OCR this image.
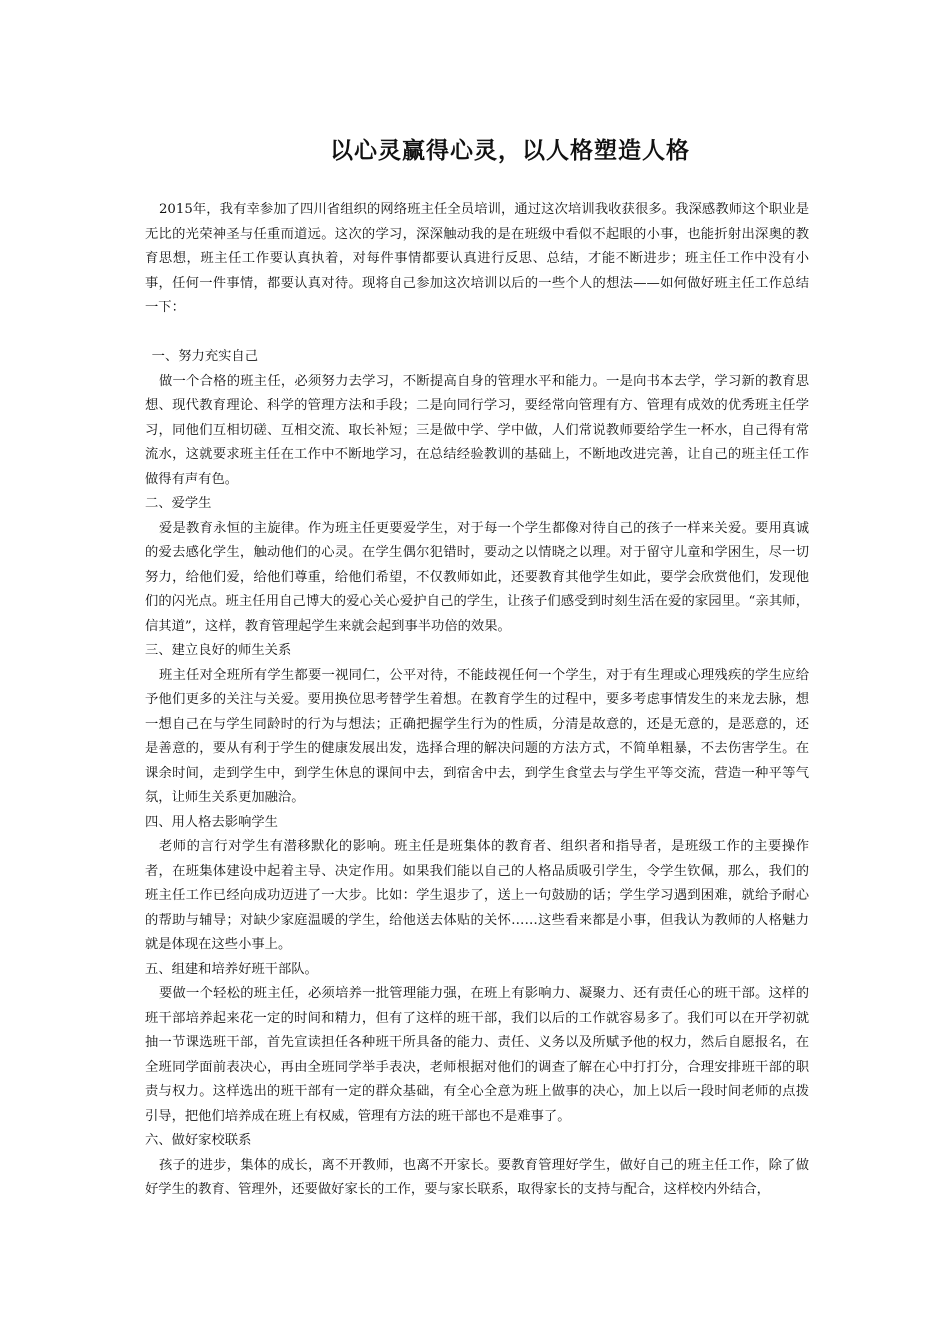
以心灵赢得心灵，以人格塑造人格

2015年，我有幸参加了四川省组织的网络班主任全员培训，通过这次培训我收获很多。我深感教师这个职业是无比的光荣神圣与任重而道远。这次的学习，深深触动我的是在班级中看似不起眼的小事，也能折射出深奥的教育思想，班主任工作要认真执着，对每件事情都要认真进行反思、总结，才能不断进步；班主任工作中没有小事，任何一件事情，都要认真对待。现将自己参加这次培训以后的一些个人的想法——如何做好班主任工作总结一下：

一、努力充实自己

做一个合格的班主任，必须努力去学习，不断提高自身的管理水平和能力。一是向书本去学，学习新的教育思想、现代教育理论、科学的管理方法和手段；二是向同行学习，要经常向管理有方、管理有成效的优秀班主任学习，同他们互相切磋、互相交流、取长补短；三是做中学、学中做，人们常说教师要给学生一杯水，自己得有常流水，这就要求班主任在工作中不断地学习，在总结经验教训的基础上，不断地改进完善，让自己的班主任工作做得有声有色。

二、爱学生

爱是教育永恒的主旋律。作为班主任更要爱学生，对于每一个学生都像对待自己的孩子一样来关爱。要用真诚的爱去感化学生，触动他们的心灵。在学生偶尔犯错时，要动之以情晓之以理。对于留守儿童和学困生，尽一切努力，给他们爱，给他们尊重，给他们希望，不仅教师如此，还要教育其他学生如此，要学会欣赏他们，发现他们的闪光点。班主任用自己博大的爱心关心爱护自己的学生，让孩子们感受到时刻生活在爱的家园里。“亲其师，信其道”，这样，教育管理起学生来就会起到事半功倍的效果。

三、建立良好的师生关系

班主任对全班所有学生都要一视同仁，公平对待，不能歧视任何一个学生，对于有生理或心理残疾的学生应给予他们更多的关注与关爱。要用换位思考替学生着想。在教育学生的过程中，要多考虑事情发生的来龙去脉，想一想自己在与学生同龄时的行为与想法；正确把握学生行为的性质，分清是故意的，还是无意的，是恶意的，还是善意的，要从有利于学生的健康发展出发，选择合理的解决问题的方法方式，不简单粗暴，不去伤害学生。在课余时间，走到学生中，到学生休息的课间中去，到宿舍中去，到学生食堂去与学生平等交流，营造一种平等气氛，让师生关系更加融洽。

四、用人格去影响学生

老师的言行对学生有潜移默化的影响。班主任是班集体的教育者、组织者和指导者，是班级工作的主要操作者，在班集体建设中起着主导、决定作用。如果我们能以自己的人格品质吸引学生，令学生钦佩，那么，我们的班主任工作已经向成功迈进了一大步。比如：学生退步了，送上一句鼓励的话；学生学习遇到困难，就给予耐心的帮助与辅导；对缺少家庭温暖的学生，给他送去体贴的关怀……这些看来都是小事，但我认为教师的人格魅力就是体现在这些小事上。

五、组建和培养好班干部队。

要做一个轻松的班主任，必须培养一批管理能力强，在班上有影响力、凝聚力、还有责任心的班干部。这样的班干部培养起来花一定的时间和精力，但有了这样的班干部，我们以后的工作就容易多了。我们可以在开学初就抽一节课选班干部，首先宣读担任各种班干所具备的能力、责任、义务以及所赋予他的权力，然后自愿报名，在全班同学面前表决心，再由全班同学举手表决，老师根据对他们的调查了解在心中打打分，合理安排班干部的职责与权力。这样选出的班干部有一定的群众基础，有全心全意为班上做事的决心，加上以后一段时间老师的点拨引导，把他们培养成在班上有权威，管理有方法的班干部也不是难事了。

六、做好家校联系

孩子的进步，集体的成长，离不开教师，也离不开家长。要教育管理好学生，做好自己的班主任工作，除了做好学生的教育、管理外，还要做好家长的工作，要与家长联系，取得家长的支持与配合，这样校内外结合，
